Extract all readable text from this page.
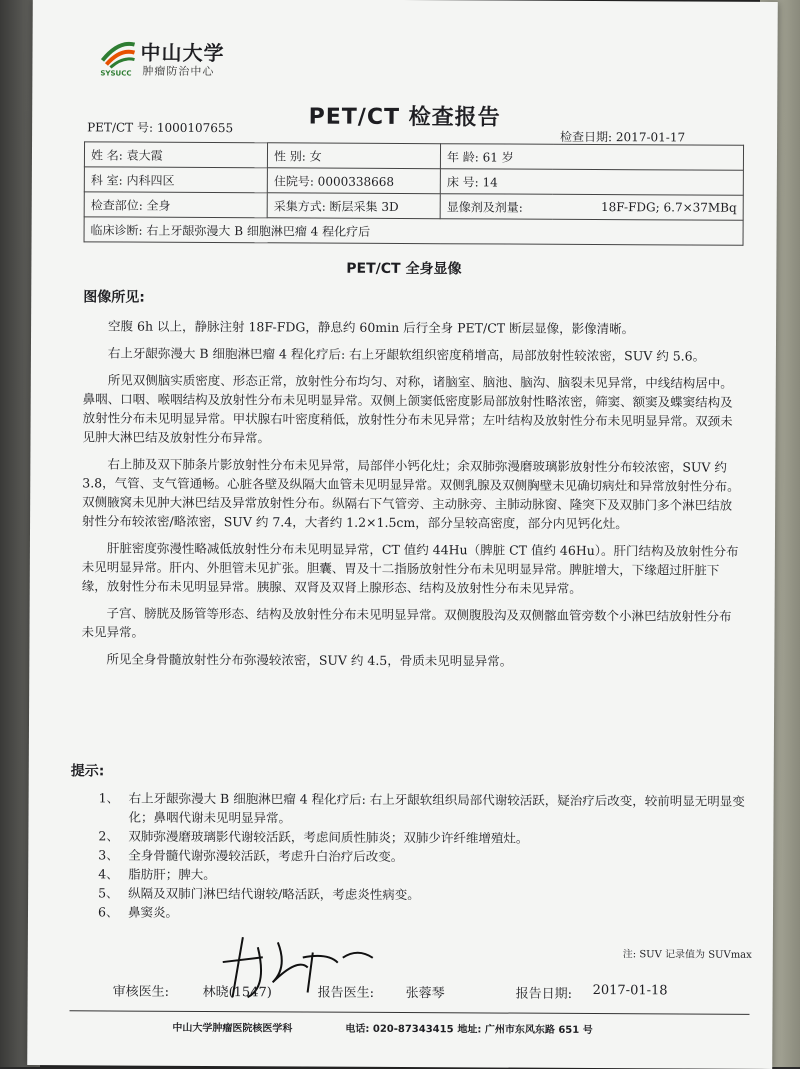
中山大学
肿瘤防治中心
SYSUCC
PET/CT 检查报告
PET/CT 号: 1000107655
检查日期: 2017-01-17
姓 名: 袁大霞	性 别: 女	年 龄: 61 岁	
科 室: 内科四区	住院号: 0000338668	床 号: 14	
检查部位: 全身	采集方式: 断层采集 3D	显像剂及剂量:	18F-FDG; 6.7×37MBq
临床诊断: 右上牙龈弥漫大 B 细胞淋巴瘤 4 程化疗后			
PET/CT 全身显像
图像所见:

空腹 6h 以上，静脉注射 18F-FDG，静息约 60min 后行全身 PET/CT 断层显像，影像清晰。

右上牙龈弥漫大 B 细胞淋巴瘤 4 程化疗后: 右上牙龈软组织密度稍增高，局部放射性较浓密，SUV 约 5.6。

所见双侧脑实质密度、形态正常，放射性分布均匀、对称，诸脑室、脑池、脑沟、脑裂未见异常，中线结构居中。鼻咽、口咽、喉咽结构及放射性分布未见明显异常。双侧上颌窦低密度影局部放射性略浓密，筛窦、额窦及蝶窦结构及放射性分布未见明显异常。甲状腺右叶密度稍低，放射性分布未见异常；左叶结构及放射性分布未见明显异常。双颈未见肿大淋巴结及放射性分布异常。

右上肺及双下肺条片影放射性分布未见异常，局部伴小钙化灶；余双肺弥漫磨玻璃影放射性分布较浓密，SUV 约 3.8，气管、支气管通畅。心脏各壁及纵隔大血管未见明显异常。双侧乳腺及双侧胸壁未见确切病灶和异常放射性分布。双侧腋窝未见肿大淋巴结及异常放射性分布。纵隔右下气管旁、主动脉旁、主肺动脉窗、隆突下及双肺门多个淋巴结放射性分布较浓密/略浓密，SUV 约 7.4，大者约 1.2×1.5cm，部分呈较高密度，部分内见钙化灶。

肝脏密度弥漫性略减低放射性分布未见明显异常，CT 值约 44Hu（脾脏 CT 值约 46Hu）。肝门结构及放射性分布未见明显异常。肝内、外胆管未见扩张。胆囊、胃及十二指肠放射性分布未见明显异常。脾脏增大，下缘超过肝脏下缘，放射性分布未见明显异常。胰腺、双肾及双肾上腺形态、结构及放射性分布未见异常。

子宫、膀胱及肠管等形态、结构及放射性分布未见明显异常。双侧腹股沟及双侧髂血管旁数个小淋巴结放射性分布未见异常。

所见全身骨髓放射性分布弥漫较浓密，SUV 约 4.5，骨质未见明显异常。

提示:
1、 右上牙龈弥漫大 B 细胞淋巴瘤 4 程化疗后: 右上牙龈软组织局部代谢较活跃，疑治疗后改变，较前明显无明显变化；鼻咽代谢未见明显异常。
2、 双肺弥漫磨玻璃影代谢较活跃，考虑间质性肺炎；双肺少许纤维增殖灶。
3、 全身骨髓代谢弥漫较活跃，考虑升白治疗后改变。
4、 脂肪肝；脾大。
5、 纵隔及双肺门淋巴结代谢较/略活跃，考虑炎性病变。
6、 鼻窦炎。
注: SUV 记录值为 SUVmax
审核医生:	林晓(1547)	报告医生: 张蓉琴	报告日期: 2017-01-18
中山大学肿瘤医院核医学科	电话: 020-87343415 地址: 广州市东风东路 651 号
